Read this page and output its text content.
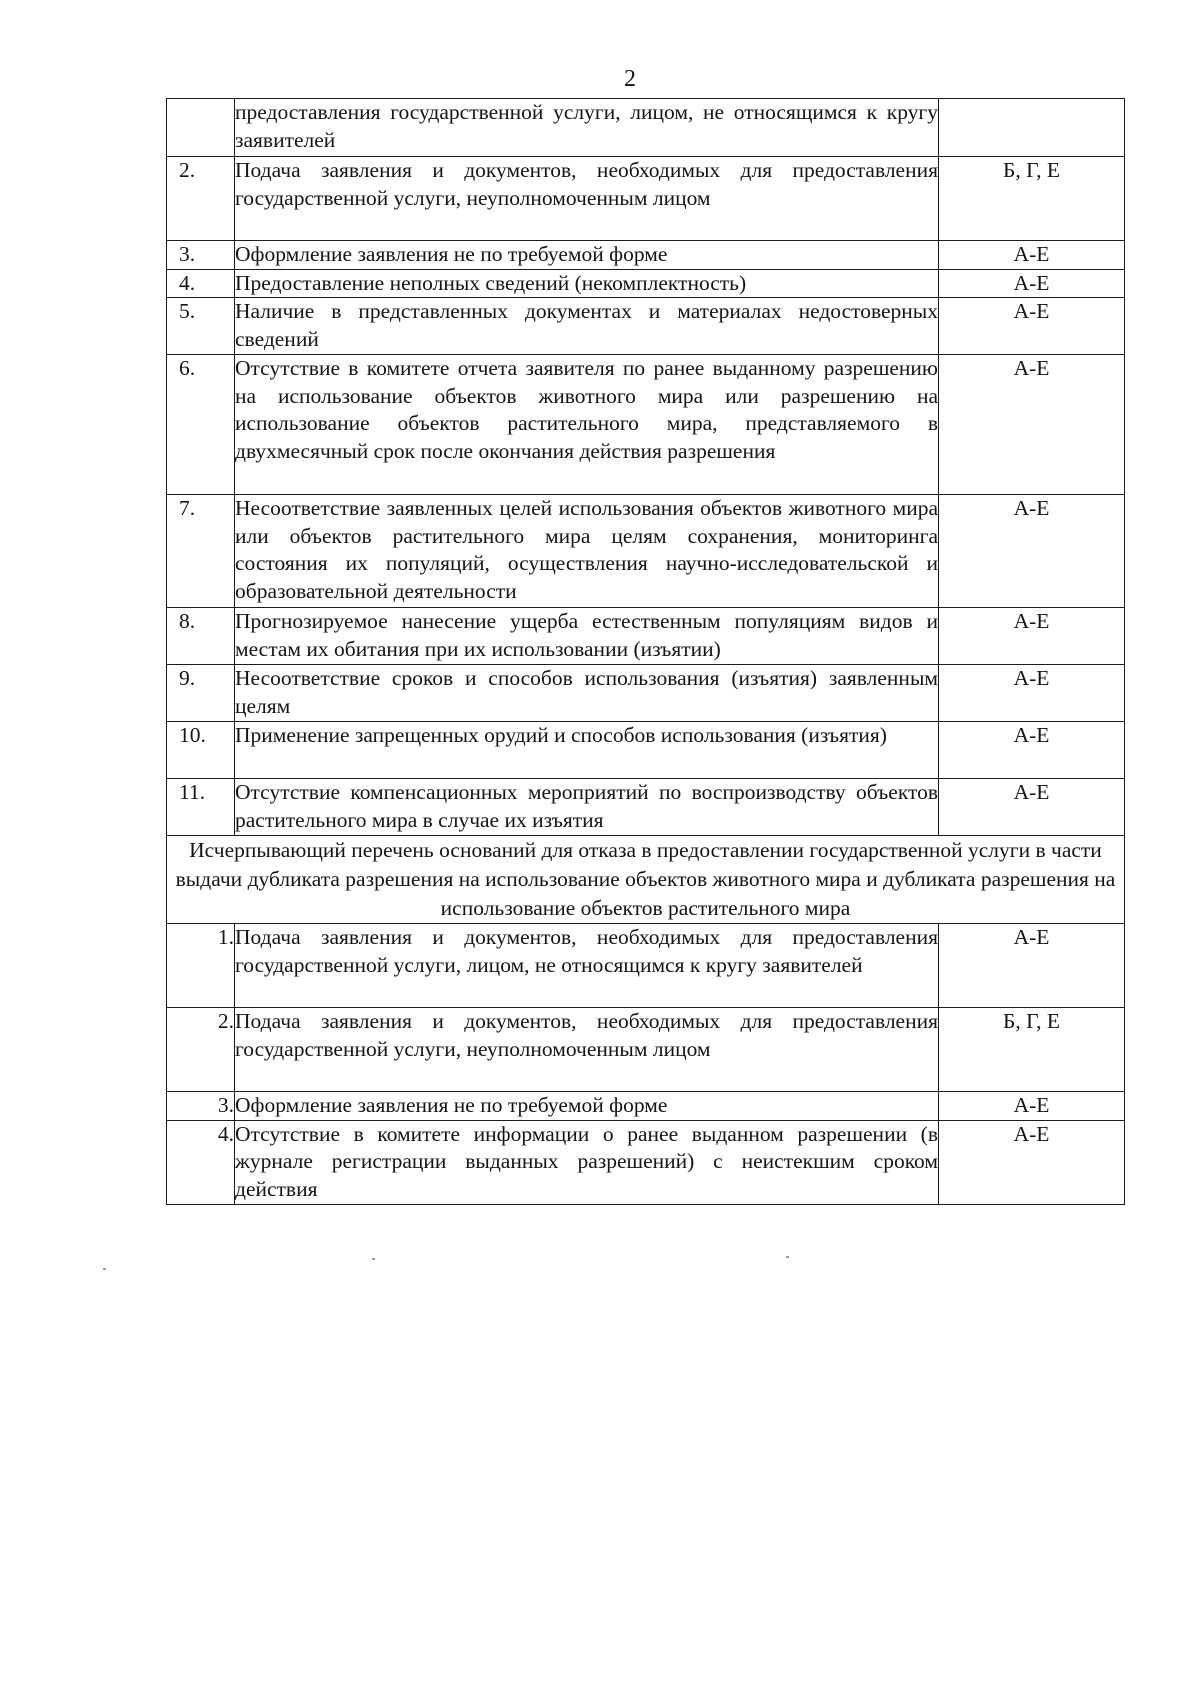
2
	предоставления государственной услуги, лицом, не относящимся к кругу заявителей	
2.	Подача заявления и документов, необходимых для предоставления государственной услуги, неуполномоченным лицом	Б, Г, Е
3.	Оформление заявления не по требуемой форме	А-Е
4.	Предоставление неполных сведений (некомплектность)	А-Е
5.	Наличие в представленных документах и материалах недостоверных сведений	А-Е
6.	Отсутствие в комитете отчета заявителя по ранее выданному разрешению на использование объектов животного мира или разрешению на использование объектов растительного мира, представляемого в двухмесячный срок после окончания действия разрешения	А-Е
7.	Несоответствие заявленных целей использования объектов животного мира или объектов растительного мира целям сохранения, мониторинга состояния их популяций, осуществления научно-исследовательской и образовательной деятельности	А-Е
8.	Прогнозируемое нанесение ущерба естественным популяциям видов и местам их обитания при их использовании (изъятии)	А-Е
9.	Несоответствие сроков и способов использования (изъятия) заявленным целям	А-Е
10.	Применение запрещенных орудий и способов использования (изъятия)	А-Е
11.	Отсутствие компенсационных мероприятий по воспроизводству объектов растительного мира в случае их изъятия	А-Е
Исчерпывающий перечень оснований для отказа в предоставлении государственной услуги в части выдачи дубликата разрешения на использование объектов животного мира и дубликата разрешения на использование объектов растительного мира		
1.	Подача заявления и документов, необходимых для предоставления государственной услуги, лицом, не относящимся к кругу заявителей	А-Е
2.	Подача заявления и документов, необходимых для предоставления государственной услуги, неуполномоченным лицом	Б, Г, Е
3.	Оформление заявления не по требуемой форме	А-Е
4.	Отсутствие в комитете информации о ранее выданном разрешении (в журнале регистрации выданных разрешений) с неистекшим сроком действия	А-Е
